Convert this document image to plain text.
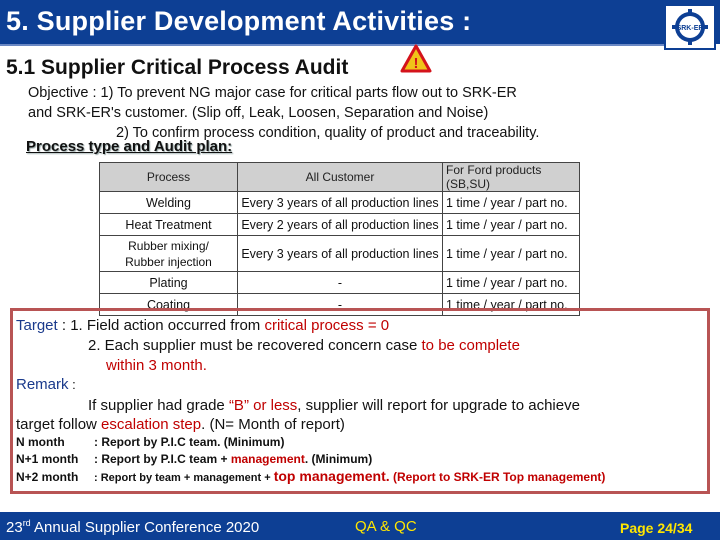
5. Supplier Development Activities :	SRK-ER
5.1 Supplier Critical Process Audit	!
Objective : 1) To prevent NG major case for critical parts flow out to SRK-ER
and SRK-ER's customer. (Slip off, Leak, Loosen, Separation and Noise)
2) To confirm process condition, quality of product and traceability.
Process type and Audit plan:
Process	All Customer	For Ford products (SB,SU)
Welding	Every 3 years of all production lines	1 time / year / part no.
Heat Treatment	Every 2 years of all production lines	1 time / year / part no.

Rubber mixing/
Rubber injection	Every 3 years of all production lines	1 time / year / part no.
Plating	-	1 time / year / part no.
Coating	-	1 time / year / part no.
Target : 1. Field action occurred from critical process = 0
2. Each supplier must be recovered concern case to be complete
within 3 month.
Remark :
If supplier had grade “B” or less, supplier will report for upgrade to achieve
target follow escalation step. (N= Month of report)
N month : Report by P.I.C team. (Minimum)
N+1 month : Report by P.I.C team + management. (Minimum)
N+2 month : Report by team + management + top management. (Report to SRK-ER Top management)
23rd Annual Supplier Conference 2020	QA & QC	Page 24/34
